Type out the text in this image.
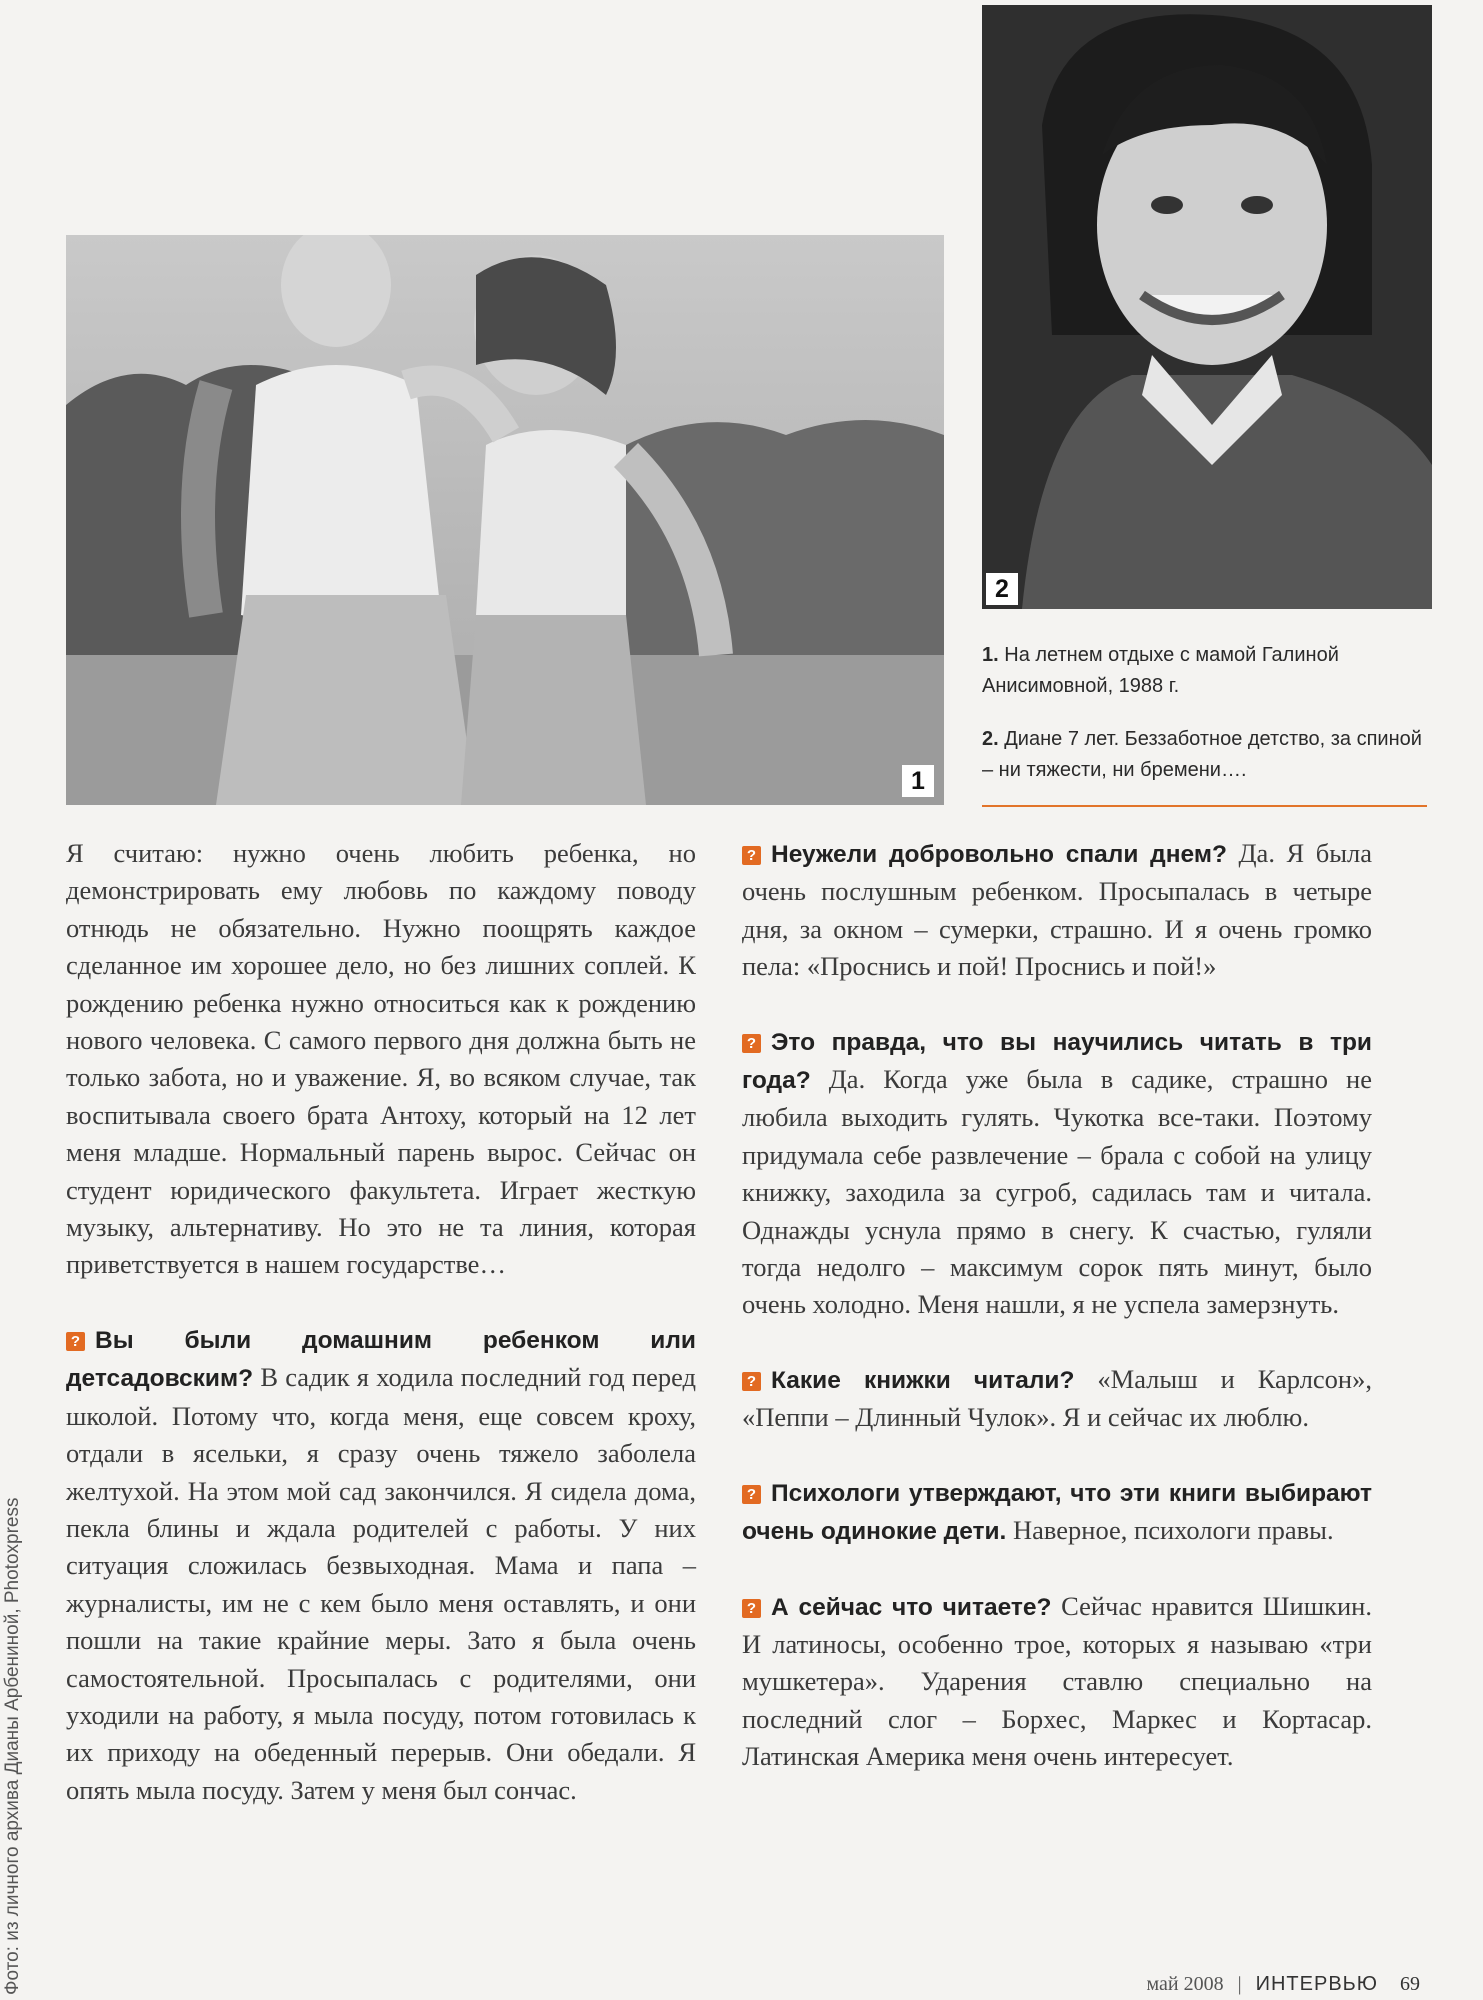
1
2

1. На летнем отдыхе с мамой Галиной Анисимовной, 1988 г.

2. Диане 7 лет. Беззаботное детство, за спиной – ни тяжести, ни бремени….

Я считаю: нужно очень любить ребенка, но демонстрировать ему любовь по каждому поводу отнюдь не обязательно. Нужно поощрять каждое сделанное им хорошее дело, но без лишних соплей. К рождению ребенка нужно относиться как к рождению нового человека. С самого первого дня должна быть не только забота, но и уважение. Я, во всяком случае, так воспитывала своего брата Антоху, который на 12 лет меня младше. Нормальный парень вырос. Сейчас он студент юридического факультета. Играет жесткую музыку, альтернативу. Но это не та линия, которая приветствуется в нашем государстве…

? Вы были домашним ребенком или детсадовским? В садик я ходила последний год перед школой. Потому что, когда меня, еще совсем кроху, отдали в ясельки, я сразу очень тяжело заболела желтухой. На этом мой сад закончился. Я сидела дома, пекла блины и ждала родителей с работы. У них ситуация сложилась безвыходная. Мама и папа – журналисты, им не с кем было меня оставлять, и они пошли на такие крайние меры. Зато я была очень самостоятельной. Просыпалась с родителями, они уходили на работу, я мыла посуду, потом готовилась к их приходу на обеденный перерыв. Они обедали. Я опять мыла посуду. Затем у меня был сончас.

? Неужели добровольно спали днем? Да. Я была очень послушным ребенком. Просыпалась в четыре дня, за окном – сумерки, страшно. И я очень громко пела: «Проснись и пой! Проснись и пой!»

? Это правда, что вы научились читать в три года? Да. Когда уже была в садике, страшно не любила выходить гулять. Чукотка все-таки. Поэтому придумала себе развлечение – брала с собой на улицу книжку, заходила за сугроб, садилась там и читала. Однажды уснула прямо в снегу. К счастью, гуляли тогда недолго – максимум сорок пять минут, было очень холодно. Меня нашли, я не успела замерзнуть.

? Какие книжки читали? «Малыш и Карлсон», «Пеппи – Длинный Чулок». Я и сейчас их люблю.

? Психологи утверждают, что эти книги выбирают очень одинокие дети. Наверное, психологи правы.

? А сейчас что читаете? Сейчас нравится Шишкин. И латиносы, особенно трое, которых я называю «три мушкетера». Ударения ставлю специально на последний слог – Борхес, Маркес и Кортасар. Латинская Америка меня очень интересует.

Фото: из личного архива Дианы Арбениной, Photoxpress	май 2008 | ИНТЕРВЬЮ 69
